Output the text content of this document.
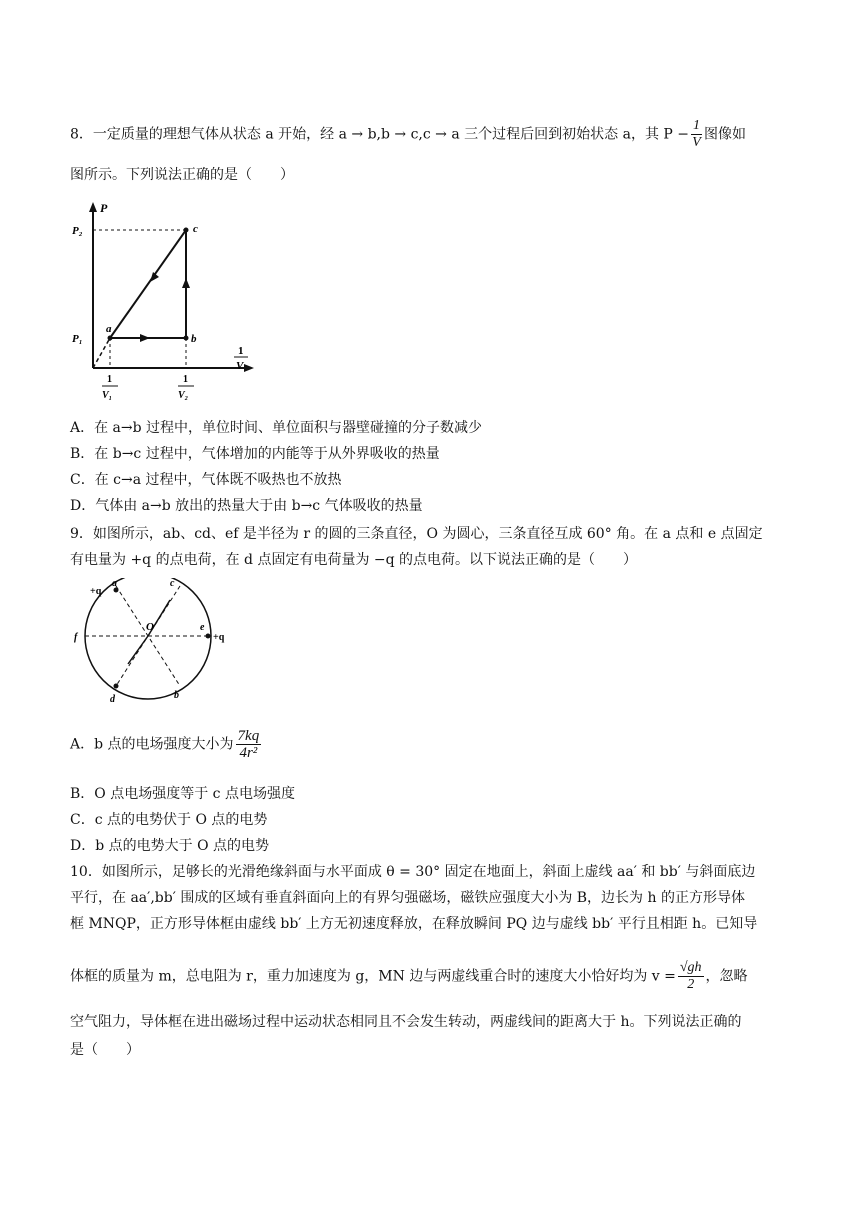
8．一定质量的理想气体从状态 a 开始，经 a → b,b → c,c → a 三个过程后回到初始状态 a，其 $P - \frac{1}{V}$ 图像如
图所示。下列说法正确的是（　　）
P
P₂
P₁
a
b
c
1
V
1
V₁
1
V₂
A．在 a→b 过程中，单位时间、单位面积与器壁碰撞的分子数减少
B．在 b→c 过程中，气体增加的内能等于从外界吸收的热量
C．在 c→a 过程中，气体既不吸热也不放热
D．气体由 a→b 放出的热量大于由 b→c 气体吸收的热量
9．如图所示，ab、cd、ef 是半径为 r 的圆的三条直径，O 为圆心，三条直径互成 60° 角。在 a 点和 e 点固定
有电量为 +q 的点电荷，在 d 点固定有电荷量为 −q 的点电荷。以下说法正确的是（　　）
a
+q
c
O
f
e
+q
d	b
A．b 点的电场强度大小为 $\frac{7kq}{\text{4r²}}$
B．O 点电场强度等于 c 点电场强度
C．c 点的电势伏于 O 点的电势
D．b 点的电势大于 O 点的电势
10．如图所示，足够长的光滑绝缘斜面与水平面成 θ = 30° 固定在地面上，斜面上虚线 aa′ 和 bb′ 与斜面底边
平行，在 aa′,bb′ 围成的区域有垂直斜面向上的有界匀强磁场，磁铁应强度大小为 B，边长为 h 的正方形导体
框 MNQP，正方形导体框由虚线 bb′ 上方无初速度释放，在释放瞬间 PQ 边与虚线 bb′ 平行且相距 h。已知导
体框的质量为 m，总电阻为 r，重力加速度为 g，MN 边与两虚线重合时的速度大小恰好均为 $v = \frac{√gh}{2}$ ，忽略
空气阻力，导体框在进出磁场过程中运动状态相同且不会发生转动，两虚线间的距离大于 h。下列说法正确的
是（　　）
